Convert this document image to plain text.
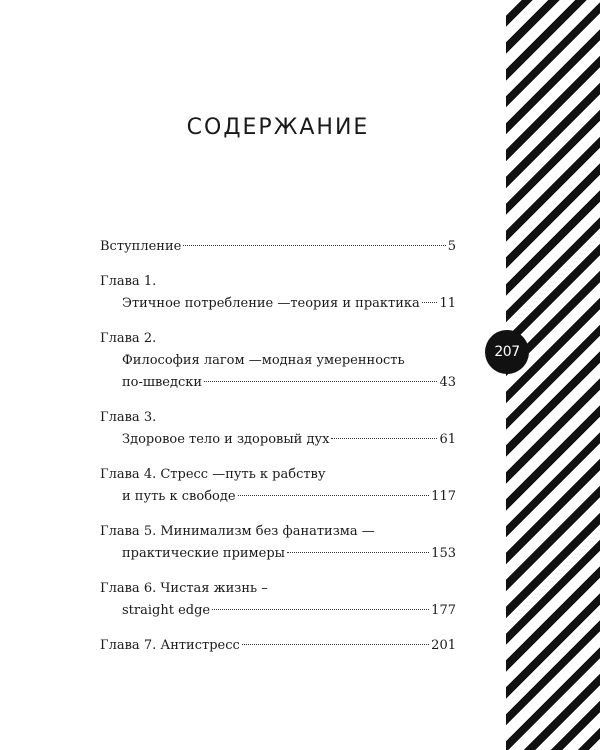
207
СОДЕРЖАНИЕ
Вступление	5
Глава 1.
Этичное потребление —теория и практика 11
Глава 2.
Философия лагом —модная умеренность
по-шведски	43
Глава 3.
Здоровое тело и здоровый дух	61
Глава 4. Стресс —путь к рабству
и путь к свободе	117
Глава 5. Минимализм без фанатизма —
практические примеры	153
Глава 6. Чистая жизнь –
straight edge	177
Глава 7. Антистресс	201
